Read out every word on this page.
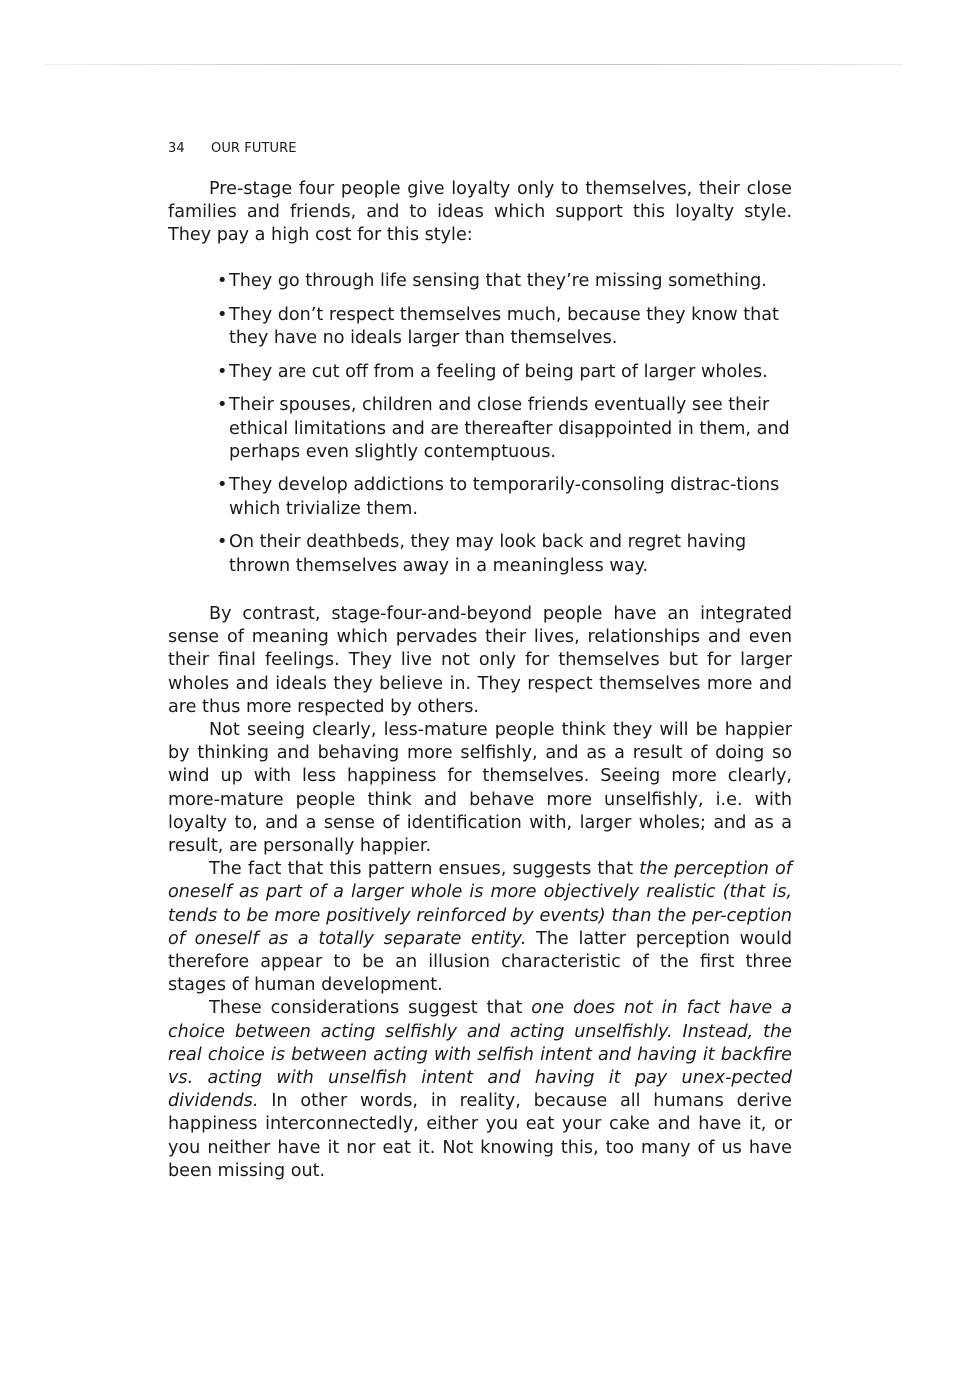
34 OUR FUTURE

Pre-stage four people give loyalty only to themselves, their close families and friends, and to ideas which support this loyalty style. They pay a high cost for this style:

• They go through life sensing that they’re missing something.
• They don’t respect themselves much, because they know that they have no ideals larger than themselves.
• They are cut off from a feeling of being part of larger wholes.
• Their spouses, children and close friends eventually see their ethical limitations and are thereafter disappointed in them, and perhaps even slightly contemptuous.
• They develop addictions to temporarily-consoling distrac-tions which trivialize them.
• On their deathbeds, they may look back and regret having thrown themselves away in a meaningless way.

By contrast, stage-four-and-beyond people have an integrated sense of meaning which pervades their lives, relationships and even their final feelings. They live not only for themselves but for larger wholes and ideals they believe in. They respect themselves more and are thus more respected by others.

Not seeing clearly, less-mature people think they will be happier by thinking and behaving more selfishly, and as a result of doing so wind up with less happiness for themselves. Seeing more clearly, more-mature people think and behave more unselfishly, i.e. with loyalty to, and a sense of identification with, larger wholes; and as a result, are personally happier.

The fact that this pattern ensues, suggests that the perception of oneself as part of a larger whole is more objectively realistic (that is, tends to be more positively reinforced by events) than the per-ception of oneself as a totally separate entity. The latter perception would therefore appear to be an illusion characteristic of the first three stages of human development.

These considerations suggest that one does not in fact have a choice between acting selfishly and acting unselfishly. Instead, the real choice is between acting with selfish intent and having it backfire vs. acting with unselfish intent and having it pay unex-pected dividends. In other words, in reality, because all humans derive happiness interconnectedly, either you eat your cake and have it, or you neither have it nor eat it. Not knowing this, too many of us have been missing out.
